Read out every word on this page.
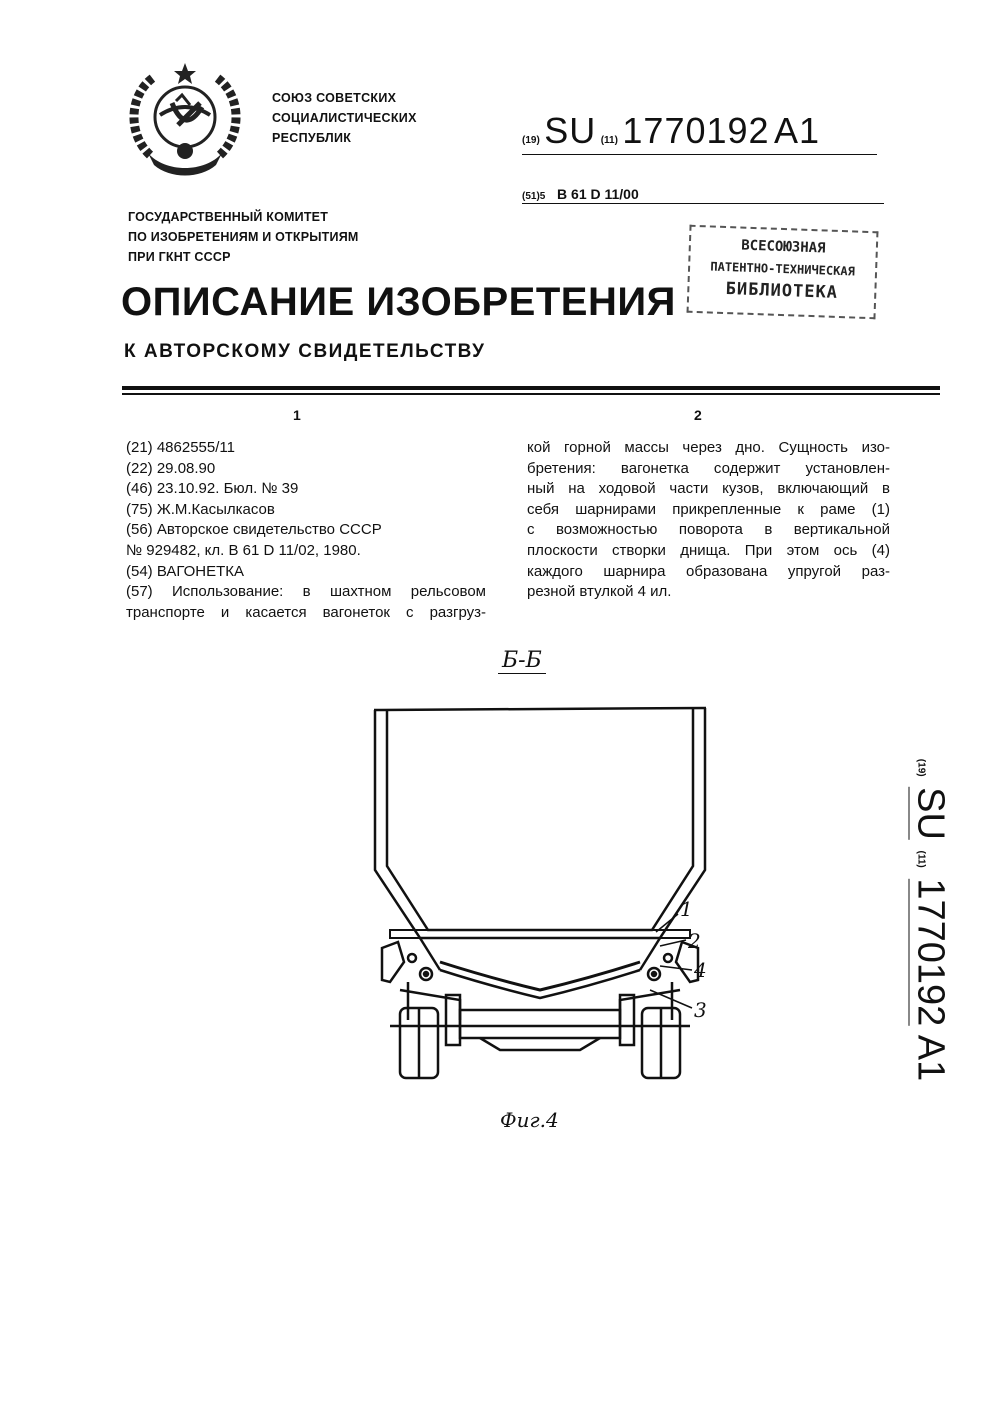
СОЮЗ СОВЕТСКИХ
СОЦИАЛИСТИЧЕСКИХ
РЕСПУБЛИК
ГОСУДАРСТВЕННЫЙ КОМИТЕТ
ПО ИЗОБРЕТЕНИЯМ И ОТКРЫТИЯМ
ПРИ ГКНТ СССР
(19) SU (11) 1770192 A1
(51)5 B 61 D 11/00
ВСЕСОЮЗНАЯ
ПАТЕНТНО-ТЕХНИЧЕСКАЯ
БИБЛИОТЕКА
ОПИСАНИЕ ИЗОБРЕТЕНИЯ
К АВТОРСКОМУ СВИДЕТЕЛЬСТВУ
1	2
(21) 4862555/11
(22) 29.08.90
(46) 23.10.92. Бюл. № 39
(75) Ж.М.Касылкасов
(56) Авторское свидетельство СССР
№ 929482, кл. B 61 D 11/02, 1980.
(54) ВАГОНЕТКА
(57) Использование: в шахтном рельсовом
транспорте и касается вагонеток с разгруз-
кой горной массы через дно. Сущность изо-
бретения: вагонетка содержит установлен-
ный на ходовой части кузов, включающий в
себя шарнирами прикрепленные к раме (1)
с возможностью поворота в вертикальной
плоскости створки днища. При этом ось (4)
каждого шарнира образована упругой раз-
резной втулкой 4 ил.
Б-Б
1
2
4
3
Фиг.4
(19) SU (11) 1770192 A1
